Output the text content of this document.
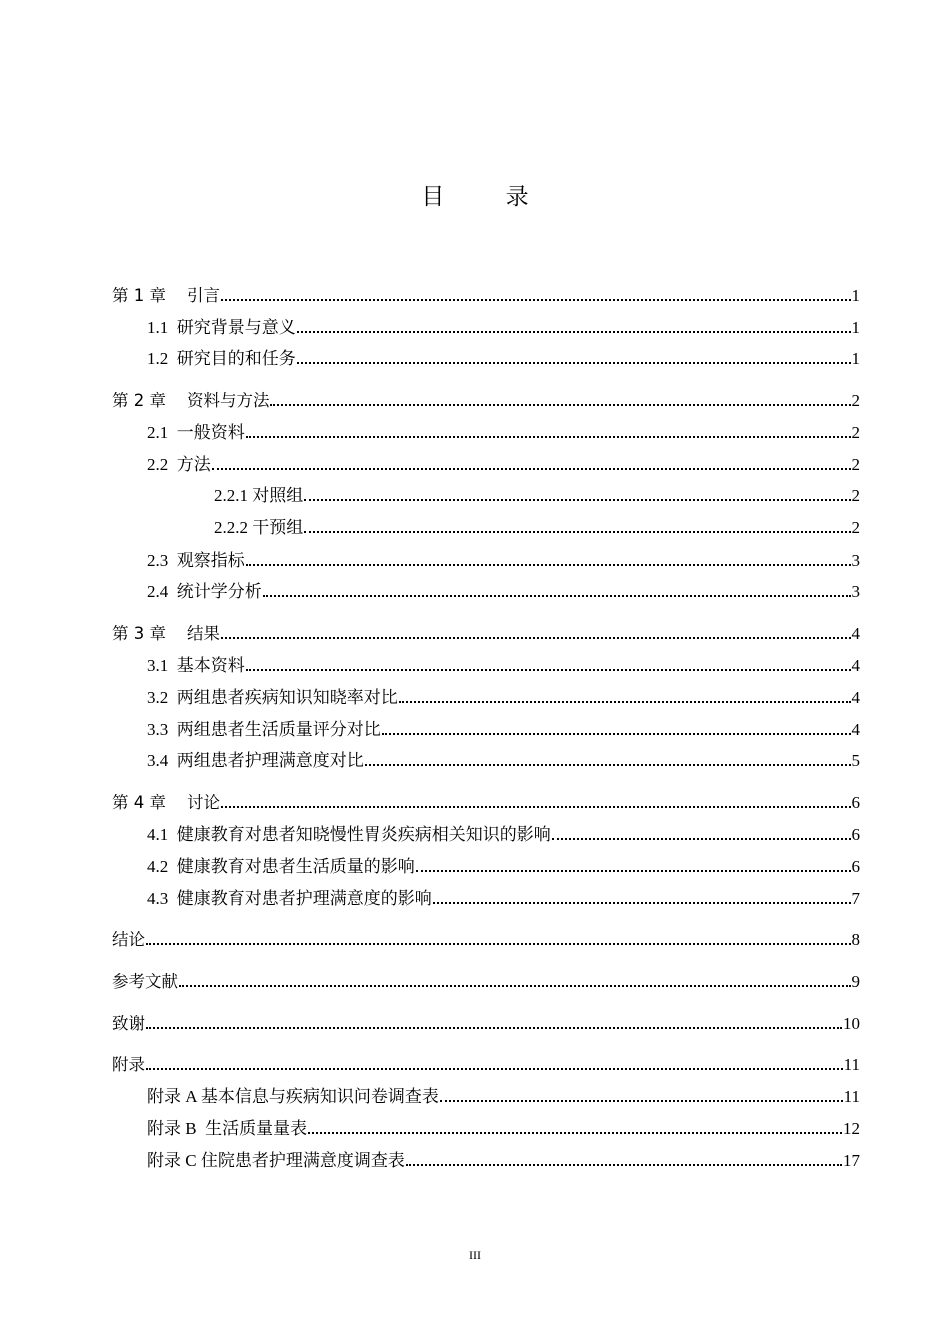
目	录
第 1 章    引言	1
1.1  研究背景与意义	1
1.2  研究目的和任务	1
第 2 章    资料与方法	2
2.1  一般资料	2
2.2  方法	2
2.2.1 对照组	2
2.2.2 干预组	2
2.3  观察指标	3
2.4  统计学分析	3
第 3 章    结果	4
3.1  基本资料	4
3.2  两组患者疾病知识知晓率对比	4
3.3  两组患者生活质量评分对比	4
3.4  两组患者护理满意度对比	5
第 4 章    讨论	6
4.1  健康教育对患者知晓慢性胃炎疾病相关知识的影响	6
4.2  健康教育对患者生活质量的影响	6
4.3  健康教育对患者护理满意度的影响	7
结论	8
参考文献	9
致谢	10
附录	11
附录 A 基本信息与疾病知识问卷调查表	11
附录 B  生活质量量表	12
附录 C 住院患者护理满意度调查表	17
III
